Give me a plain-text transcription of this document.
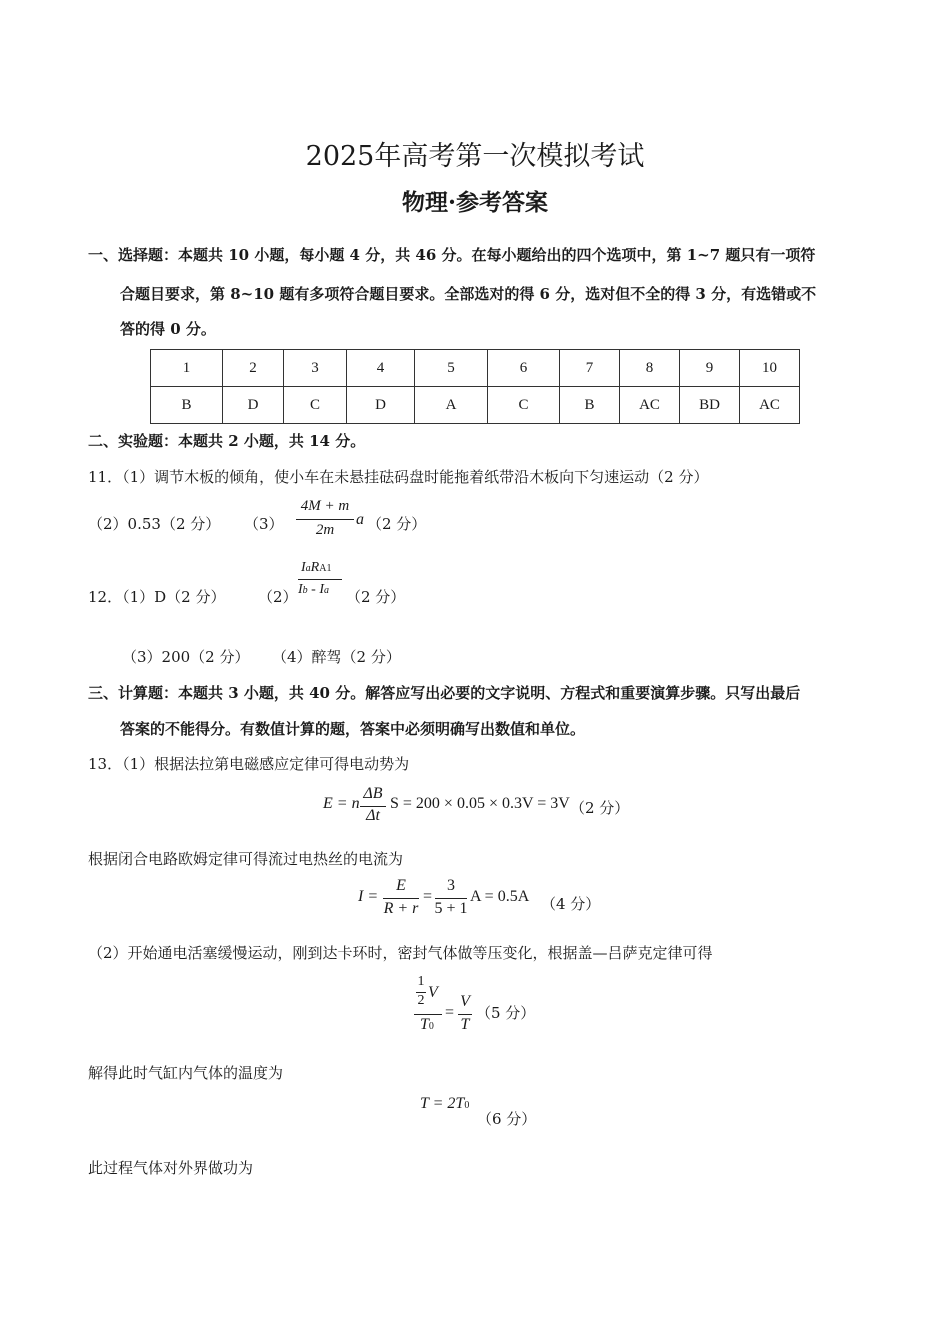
2025年高考第一次模拟考试
物理·参考答案
一、选择题：本题共 10 小题，每小题 4 分，共 46 分。在每小题给出的四个选项中，第 1~7 题只有一项符
合题目要求，第 8~10 题有多项符合题目要求。全部选对的得 6 分，选对但不全的得 3 分，有选错或不
答的得 0 分。
1	2	3	4	5	6	7	8	9	10
B	D	C	D	A	C	B	AC	BD	AC
二、实验题：本题共 2 小题，共 14 分。
11．（1）调节木板的倾角，使小车在未悬挂砝码盘时能拖着纸带沿木板向下匀速运动（2 分）
（2）0.53（2 分） （3）
4M + m
2m
a （2 分）
12．（1）D（2 分） （2）
IaRA1
Ib - Ia （2 分）
（3）200（2 分） （4）醉驾（2 分）
三、计算题：本题共 3 小题，共 40 分。解答应写出必要的文字说明、方程式和重要演算步骤。只写出最后
答案的不能得分。有数值计算的题，答案中必须明确写出数值和单位。
13．（1）根据法拉第电磁感应定律可得电动势为
E = n
ΔB
Δt
S = 200 × 0.05 × 0.3V = 3V （2 分）
根据闭合电路欧姆定律可得流过电热丝的电流为
I =
E
R + r
=
3
5 + 1
A = 0.5A （4 分）
（2）开始通电活塞缓慢运动，刚到达卡环时，密封气体做等压变化，根据盖—吕萨克定律可得
1
2 V
T0
=
V
T
（5 分）
解得此时气缸内气体的温度为
T = 2T0
（6 分）
此过程气体对外界做功为
